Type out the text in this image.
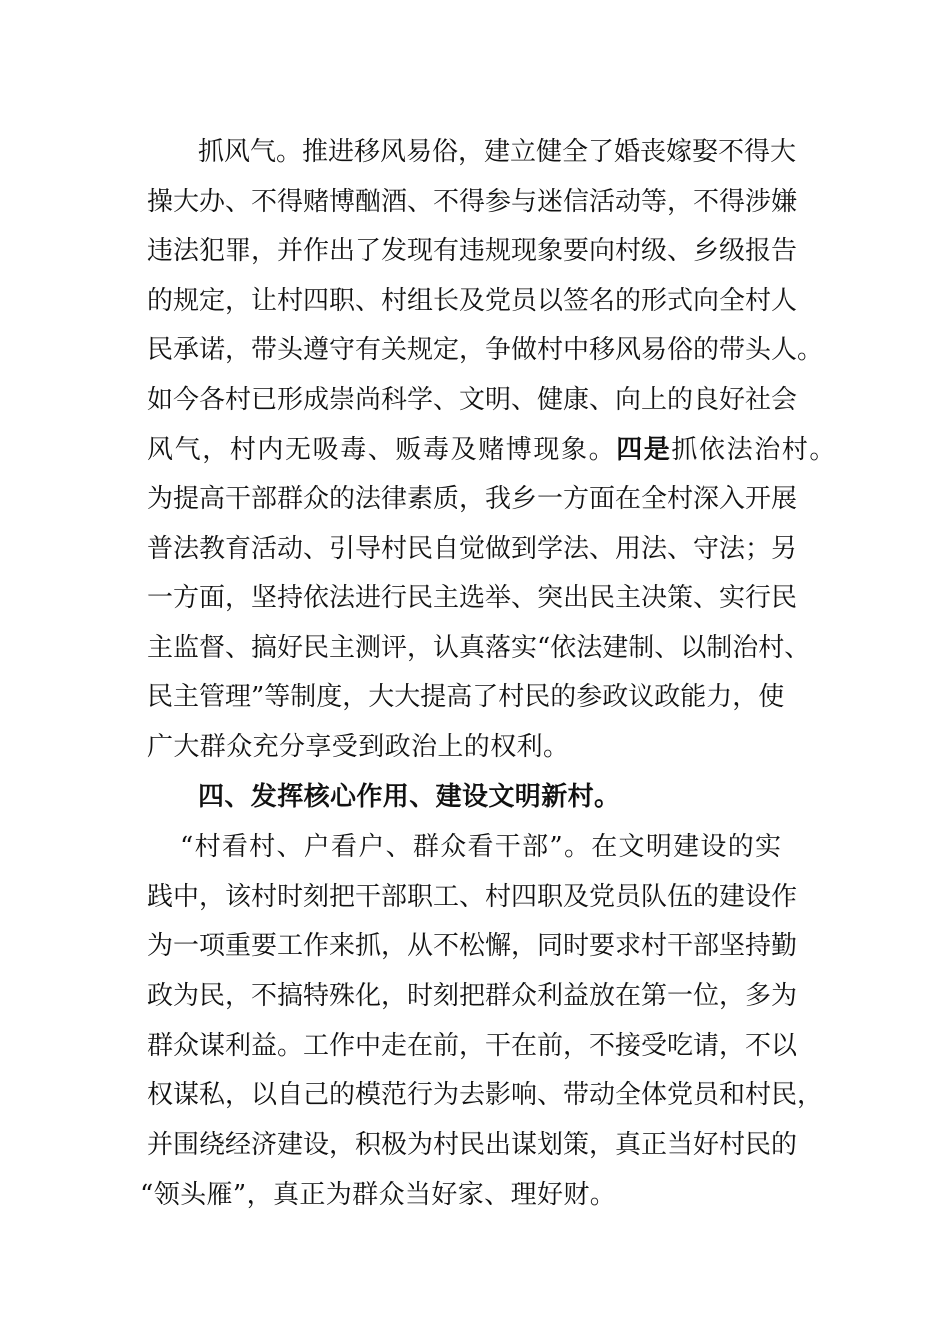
抓风气。推进移风易俗，建立健全了婚丧嫁娶不得大
操大办、不得赌博酗酒、不得参与迷信活动等，不得涉嫌
违法犯罪，并作出了发现有违规现象要向村级、乡级报告
的规定，让村四职、村组长及党员以签名的形式向全村人
民承诺，带头遵守有关规定，争做村中移风易俗的带头人。
如今各村已形成崇尚科学、文明、健康、向上的良好社会
风气，村内无吸毒、贩毒及赌博现象。四是抓依法治村。
为提高干部群众的法律素质，我乡一方面在全村深入开展
普法教育活动、引导村民自觉做到学法、用法、守法；另
一方面，坚持依法进行民主选举、突出民主决策、实行民
主监督、搞好民主测评，认真落实“依法建制、以制治村、
民主管理”等制度，大大提高了村民的参政议政能力，使
广大群众充分享受到政治上的权利。
四、发挥核心作用、建设文明新村。
“村看村、户看户、群众看干部”。在文明建设的实
践中，该村时刻把干部职工、村四职及党员队伍的建设作
为一项重要工作来抓，从不松懈，同时要求村干部坚持勤
政为民，不搞特殊化，时刻把群众利益放在第一位，多为
群众谋利益。工作中走在前，干在前，不接受吃请，不以
权谋私，以自己的模范行为去影响、带动全体党员和村民，
并围绕经济建设，积极为村民出谋划策，真正当好村民的
“领头雁”，真正为群众当好家、理好财。
